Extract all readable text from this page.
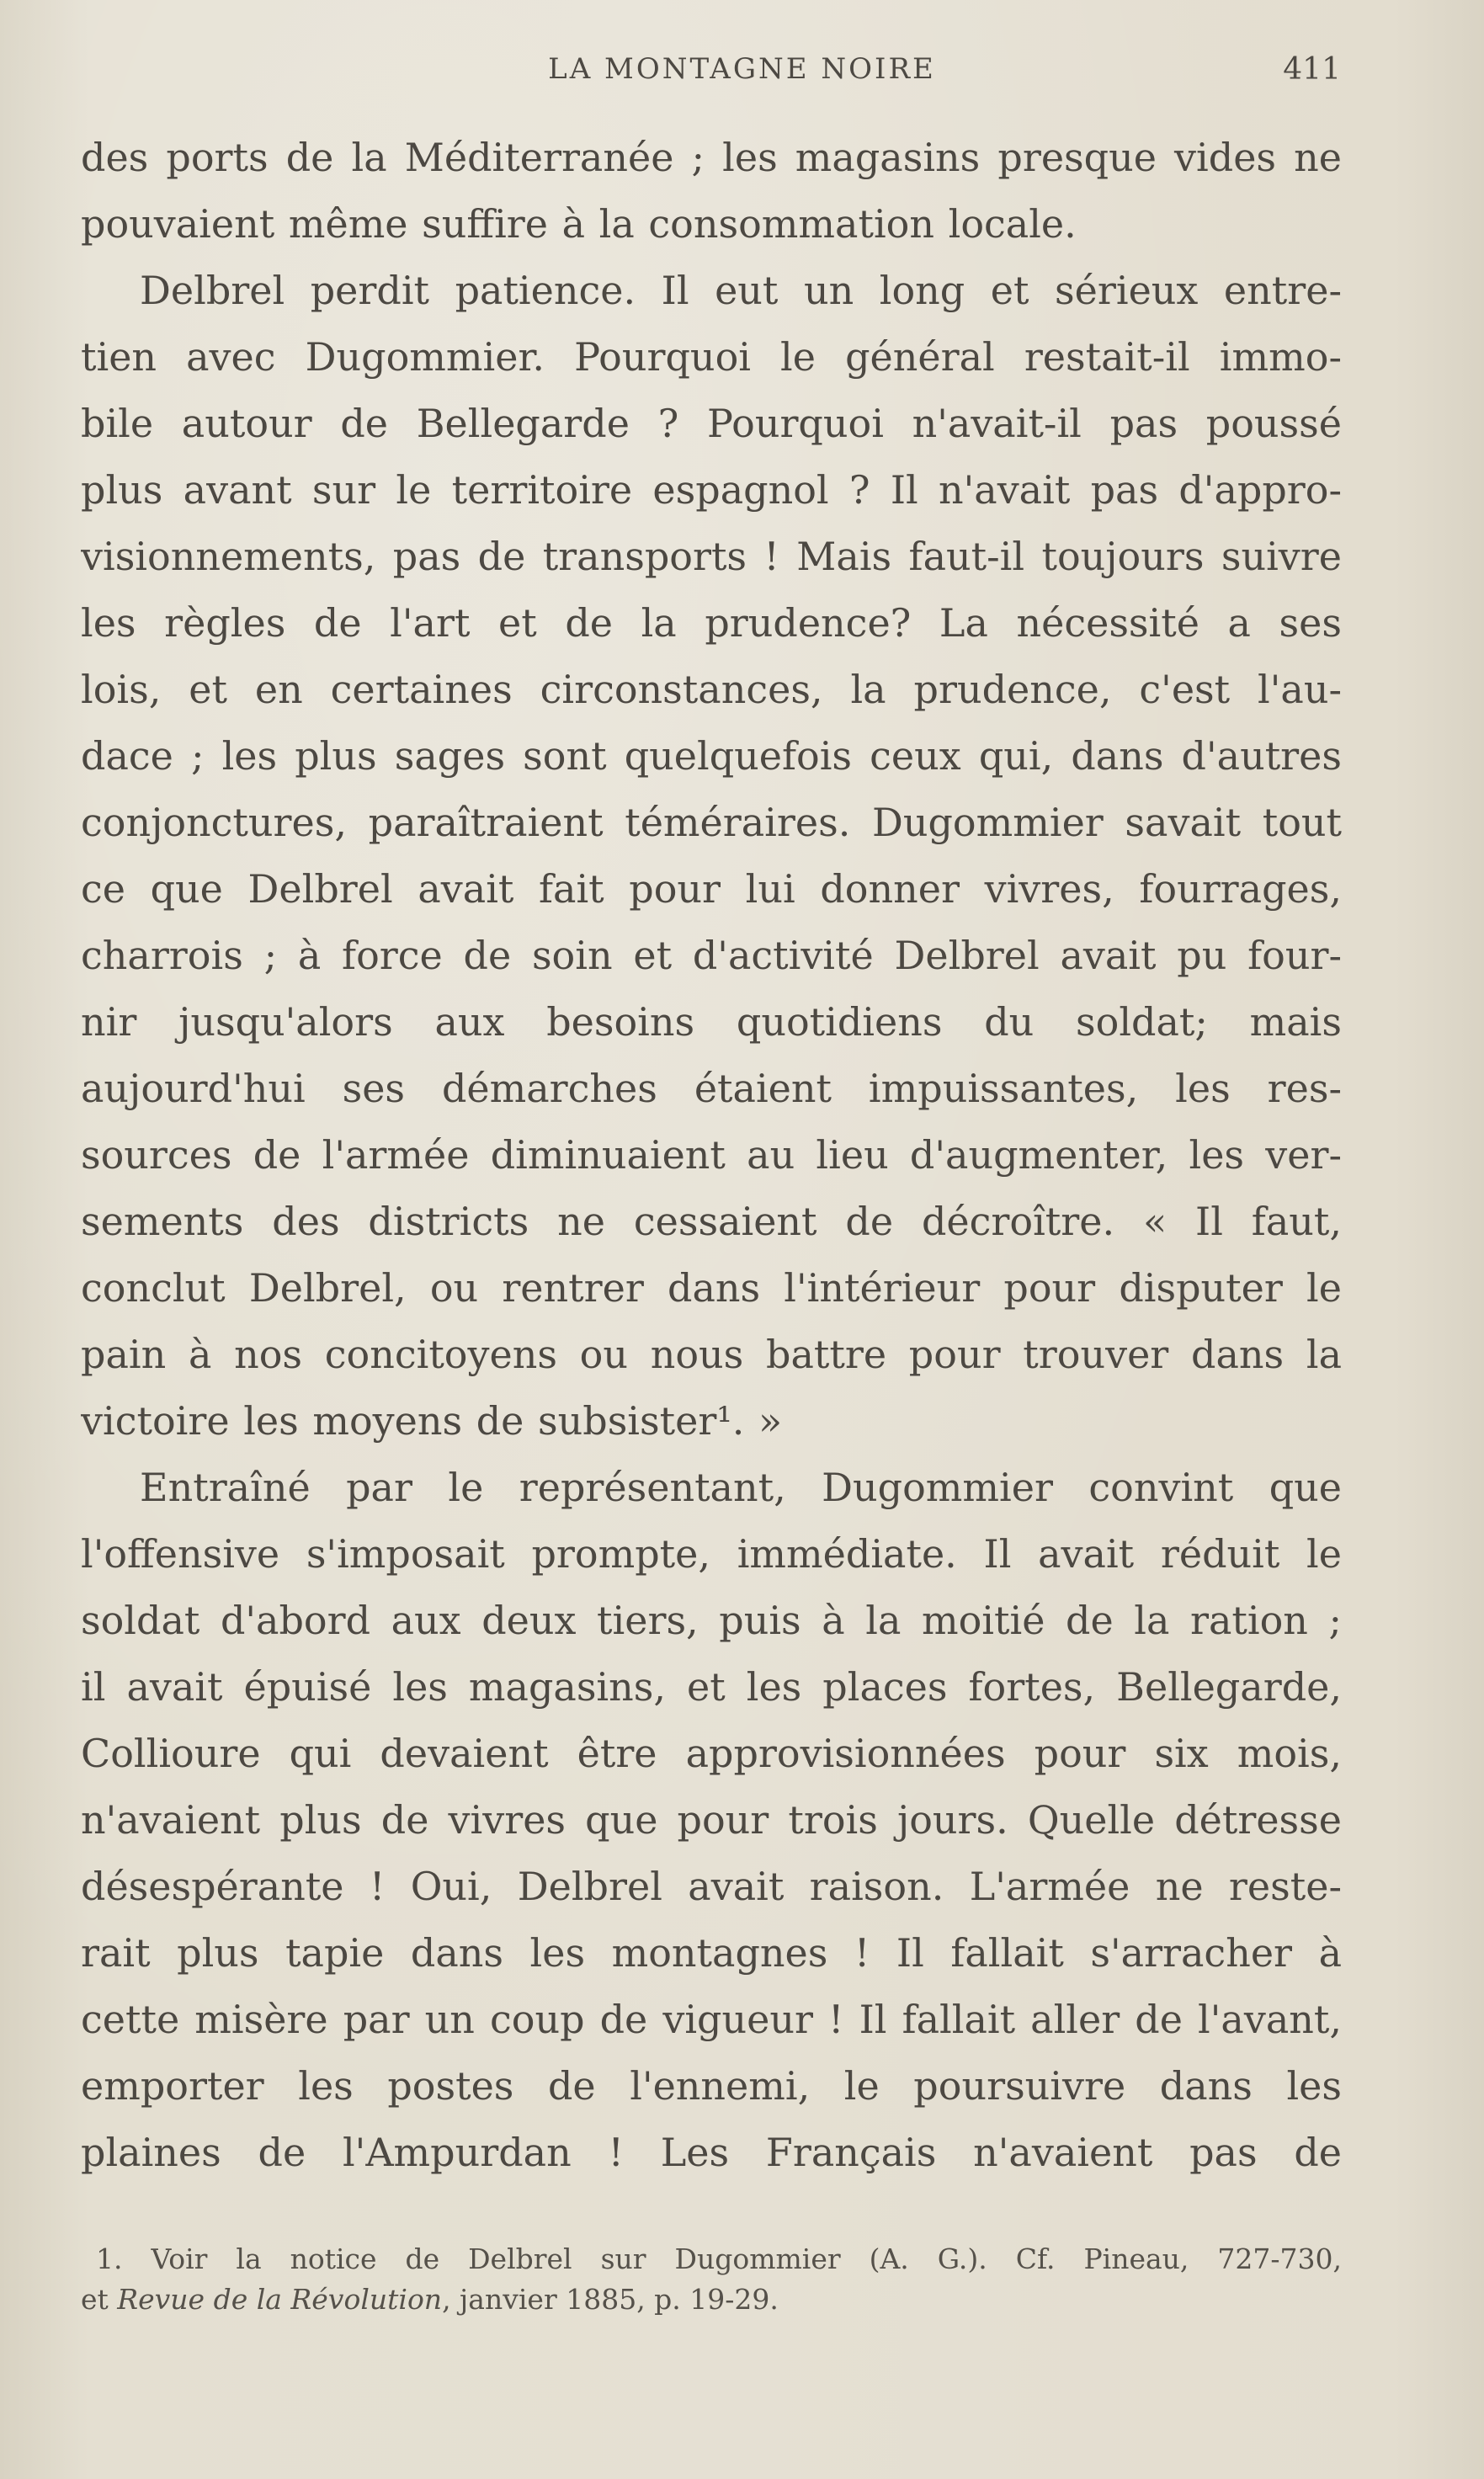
LA MONTAGNE NOIRE	411
des ports de la Méditerranée ; les magasins presque vides ne
pouvaient même suffire à la consommation locale.
Delbrel perdit patience. Il eut un long et sérieux entre-
tien avec Dugommier. Pourquoi le général restait-il immo-
bile autour de Bellegarde ? Pourquoi n'avait-il pas poussé
plus avant sur le territoire espagnol ? Il n'avait pas d'appro-
visionnements, pas de transports ! Mais faut-il toujours suivre
les règles de l'art et de la prudence? La nécessité a ses
lois, et en certaines circonstances, la prudence, c'est l'au-
dace ; les plus sages sont quelquefois ceux qui, dans d'autres
conjonctures, paraîtraient téméraires. Dugommier savait tout
ce que Delbrel avait fait pour lui donner vivres, fourrages,
charrois ; à force de soin et d'activité Delbrel avait pu four-
nir jusqu'alors aux besoins quotidiens du soldat; mais
aujourd'hui ses démarches étaient impuissantes, les res-
sources de l'armée diminuaient au lieu d'augmenter, les ver-
sements des districts ne cessaient de décroître. « Il faut,
conclut Delbrel, ou rentrer dans l'intérieur pour disputer le
pain à nos concitoyens ou nous battre pour trouver dans la
victoire les moyens de subsister¹. »
Entraîné par le représentant, Dugommier convint que
l'offensive s'imposait prompte, immédiate. Il avait réduit le
soldat d'abord aux deux tiers, puis à la moitié de la ration ;
il avait épuisé les magasins, et les places fortes, Bellegarde,
Collioure qui devaient être approvisionnées pour six mois,
n'avaient plus de vivres que pour trois jours. Quelle détresse
désespérante ! Oui, Delbrel avait raison. L'armée ne reste-
rait plus tapie dans les montagnes ! Il fallait s'arracher à
cette misère par un coup de vigueur ! Il fallait aller de l'avant,
emporter les postes de l'ennemi, le poursuivre dans les
plaines de l'Ampurdan ! Les Français n'avaient pas de
1. Voir la notice de Delbrel sur Dugommier (A. G.). Cf. Pineau, 727-730,
et Revue de la Révolution, janvier 1885, p. 19-29.
